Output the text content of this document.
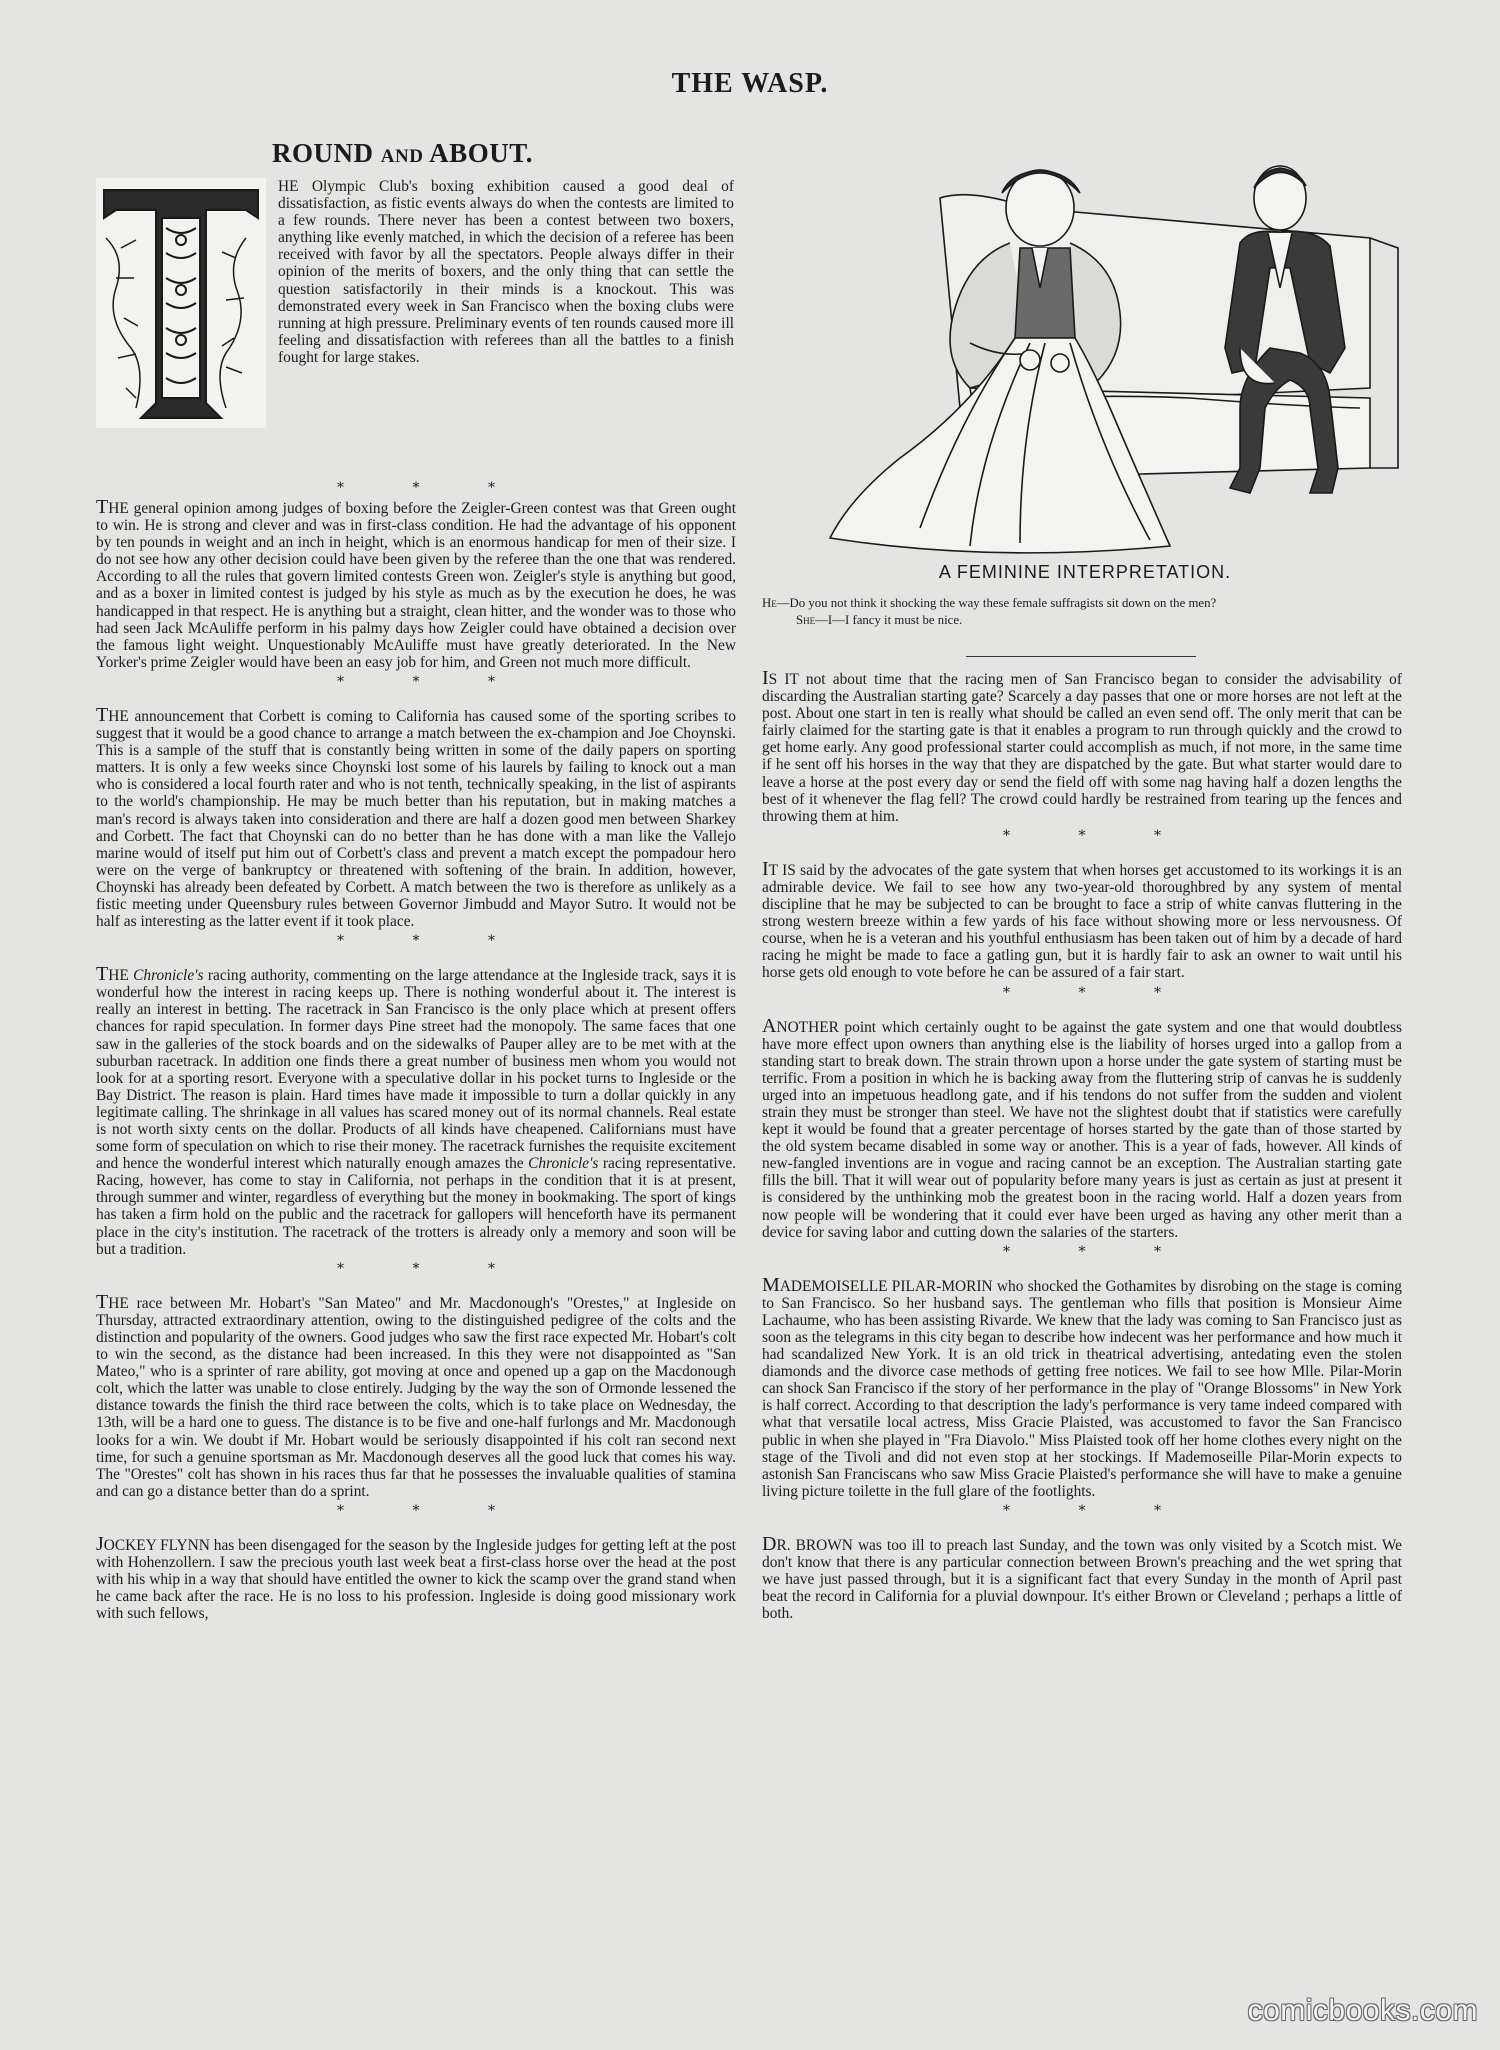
THE WASP.
ROUND AND ABOUT.

HE Olympic Club's boxing exhibition caused a good deal of dissatisfaction, as fistic events always do when the contests are limited to a few rounds. There never has been a contest between two boxers, anything like evenly matched, in which the decision of a referee has been received with favor by all the spectators. People always differ in their opinion of the merits of boxers, and the only thing that can settle the question satisfactorily in their minds is a knockout. This was demonstrated every week in San Francisco when the boxing clubs were running at high pressure. Preliminary events of ten rounds caused more ill feeling and dissatisfaction with referees than all the battles to a finish fought for large stakes.

* * *

THE general opinion among judges of boxing before the Zeigler-Green contest was that Green ought to win. He is strong and clever and was in first-class condition. He had the advantage of his opponent by ten pounds in weight and an inch in height, which is an enormous handicap for men of their size. I do not see how any other decision could have been given by the referee than the one that was rendered. According to all the rules that govern limited contests Green won. Zeigler's style is anything but good, and as a boxer in limited contest is judged by his style as much as by the execution he does, he was handicapped in that respect. He is anything but a straight, clean hitter, and the wonder was to those who had seen Jack McAuliffe perform in his palmy days how Zeigler could have obtained a decision over the famous light weight. Unquestionably McAuliffe must have greatly deteriorated. In the New Yorker's prime Zeigler would have been an easy job for him, and Green not much more difficult.

* * *

THE announcement that Corbett is coming to California has caused some of the sporting scribes to suggest that it would be a good chance to arrange a match between the ex-champion and Joe Choynski. This is a sample of the stuff that is constantly being written in some of the daily papers on sporting matters. It is only a few weeks since Choynski lost some of his laurels by failing to knock out a man who is considered a local fourth rater and who is not tenth, technically speaking, in the list of aspirants to the world's championship. He may be much better than his reputation, but in making matches a man's record is always taken into consideration and there are half a dozen good men between Sharkey and Corbett. The fact that Choynski can do no better than he has done with a man like the Vallejo marine would of itself put him out of Corbett's class and prevent a match except the pompadour hero were on the verge of bankruptcy or threatened with softening of the brain. In addition, however, Choynski has already been defeated by Corbett. A match between the two is therefore as unlikely as a fistic meeting under Queensbury rules between Governor Jimbudd and Mayor Sutro. It would not be half as interesting as the latter event if it took place.

* * *

THE Chronicle's racing authority, commenting on the large attendance at the Ingleside track, says it is wonderful how the interest in racing keeps up. There is nothing wonderful about it. The interest is really an interest in betting. The racetrack in San Francisco is the only place which at present offers chances for rapid speculation. In former days Pine street had the monopoly. The same faces that one saw in the galleries of the stock boards and on the sidewalks of Pauper alley are to be met with at the suburban racetrack. In addition one finds there a great number of business men whom you would not look for at a sporting resort. Everyone with a speculative dollar in his pocket turns to Ingleside or the Bay District. The reason is plain. Hard times have made it impossible to turn a dollar quickly in any legitimate calling. The shrinkage in all values has scared money out of its normal channels. Real estate is not worth sixty cents on the dollar. Products of all kinds have cheapened. Californians must have some form of speculation on which to rise their money. The racetrack furnishes the requisite excitement and hence the wonderful interest which naturally enough amazes the Chronicle's racing representative. Racing, however, has come to stay in California, not perhaps in the condition that it is at present, through summer and winter, regardless of everything but the money in bookmaking. The sport of kings has taken a firm hold on the public and the racetrack for gallopers will henceforth have its permanent place in the city's institution. The racetrack of the trotters is already only a memory and soon will be but a tradition.

* * *

THE race between Mr. Hobart's "San Mateo" and Mr. Macdonough's "Orestes," at Ingleside on Thursday, attracted extraordinary attention, owing to the distinguished pedigree of the colts and the distinction and popularity of the owners. Good judges who saw the first race expected Mr. Hobart's colt to win the second, as the distance had been increased. In this they were not disappointed as "San Mateo," who is a sprinter of rare ability, got moving at once and opened up a gap on the Macdonough colt, which the latter was unable to close entirely. Judging by the way the son of Ormonde lessened the distance towards the finish the third race between the colts, which is to take place on Wednesday, the 13th, will be a hard one to guess. The distance is to be five and one-half furlongs and Mr. Macdonough looks for a win. We doubt if Mr. Hobart would be seriously disappointed if his colt ran second next time, for such a genuine sportsman as Mr. Macdonough deserves all the good luck that comes his way. The "Orestes" colt has shown in his races thus far that he possesses the invaluable qualities of stamina and can go a distance better than do a sprint.

* * *

JOCKEY FLYNN has been disengaged for the season by the Ingleside judges for getting left at the post with Hohenzollern. I saw the precious youth last week beat a first-class horse over the head at the post with his whip in a way that should have entitled the owner to kick the scamp over the grand stand when he came back after the race. He is no loss to his profession. Ingleside is doing good missionary work with such fellows,

A FEMININE INTERPRETATION.

He—Do you not think it shocking the way these female suffragists sit down on the men?

She—I—I fancy it must be nice.

IS IT not about time that the racing men of San Francisco began to consider the advisability of discarding the Australian starting gate? Scarcely a day passes that one or more horses are not left at the post. About one start in ten is really what should be called an even send off. The only merit that can be fairly claimed for the starting gate is that it enables a program to run through quickly and the crowd to get home early. Any good professional starter could accomplish as much, if not more, in the same time if he sent off his horses in the way that they are dispatched by the gate. But what starter would dare to leave a horse at the post every day or send the field off with some nag having half a dozen lengths the best of it whenever the flag fell? The crowd could hardly be restrained from tearing up the fences and throwing them at him.

* * *

IT IS said by the advocates of the gate system that when horses get accustomed to its workings it is an admirable device. We fail to see how any two-year-old thoroughbred by any system of mental discipline that he may be subjected to can be brought to face a strip of white canvas fluttering in the strong western breeze within a few yards of his face without showing more or less nervousness. Of course, when he is a veteran and his youthful enthusiasm has been taken out of him by a decade of hard racing he might be made to face a gatling gun, but it is hardly fair to ask an owner to wait until his horse gets old enough to vote before he can be assured of a fair start.

* * *

ANOTHER point which certainly ought to be against the gate system and one that would doubtless have more effect upon owners than anything else is the liability of horses urged into a gallop from a standing start to break down. The strain thrown upon a horse under the gate system of starting must be terrific. From a position in which he is backing away from the fluttering strip of canvas he is suddenly urged into an impetuous headlong gate, and if his tendons do not suffer from the sudden and violent strain they must be stronger than steel. We have not the slightest doubt that if statistics were carefully kept it would be found that a greater percentage of horses started by the gate than of those started by the old system became disabled in some way or another. This is a year of fads, however. All kinds of new-fangled inventions are in vogue and racing cannot be an exception. The Australian starting gate fills the bill. That it will wear out of popularity before many years is just as certain as just at present it is considered by the unthinking mob the greatest boon in the racing world. Half a dozen years from now people will be wondering that it could ever have been urged as having any other merit than a device for saving labor and cutting down the salaries of the starters.

* * *

MADEMOISELLE PILAR-MORIN who shocked the Gothamites by disrobing on the stage is coming to San Francisco. So her husband says. The gentleman who fills that position is Monsieur Aime Lachaume, who has been assisting Rivarde. We knew that the lady was coming to San Francisco just as soon as the telegrams in this city began to describe how indecent was her performance and how much it had scandalized New York. It is an old trick in theatrical advertising, antedating even the stolen diamonds and the divorce case methods of getting free notices. We fail to see how Mlle. Pilar-Morin can shock San Francisco if the story of her performance in the play of "Orange Blossoms" in New York is half correct. According to that description the lady's performance is very tame indeed compared with what that versatile local actress, Miss Gracie Plaisted, was accustomed to favor the San Francisco public in when she played in "Fra Diavolo." Miss Plaisted took off her home clothes every night on the stage of the Tivoli and did not even stop at her stockings. If Mademoseille Pilar-Morin expects to astonish San Franciscans who saw Miss Gracie Plaisted's performance she will have to make a genuine living picture toilette in the full glare of the footlights.

* * *

DR. BROWN was too ill to preach last Sunday, and the town was only visited by a Scotch mist. We don't know that there is any particular connection between Brown's preaching and the wet spring that we have just passed through, but it is a significant fact that every Sunday in the month of April past beat the record in California for a pluvial downpour. It's either Brown or Cleveland ; perhaps a little of both.

comicbooks.com
